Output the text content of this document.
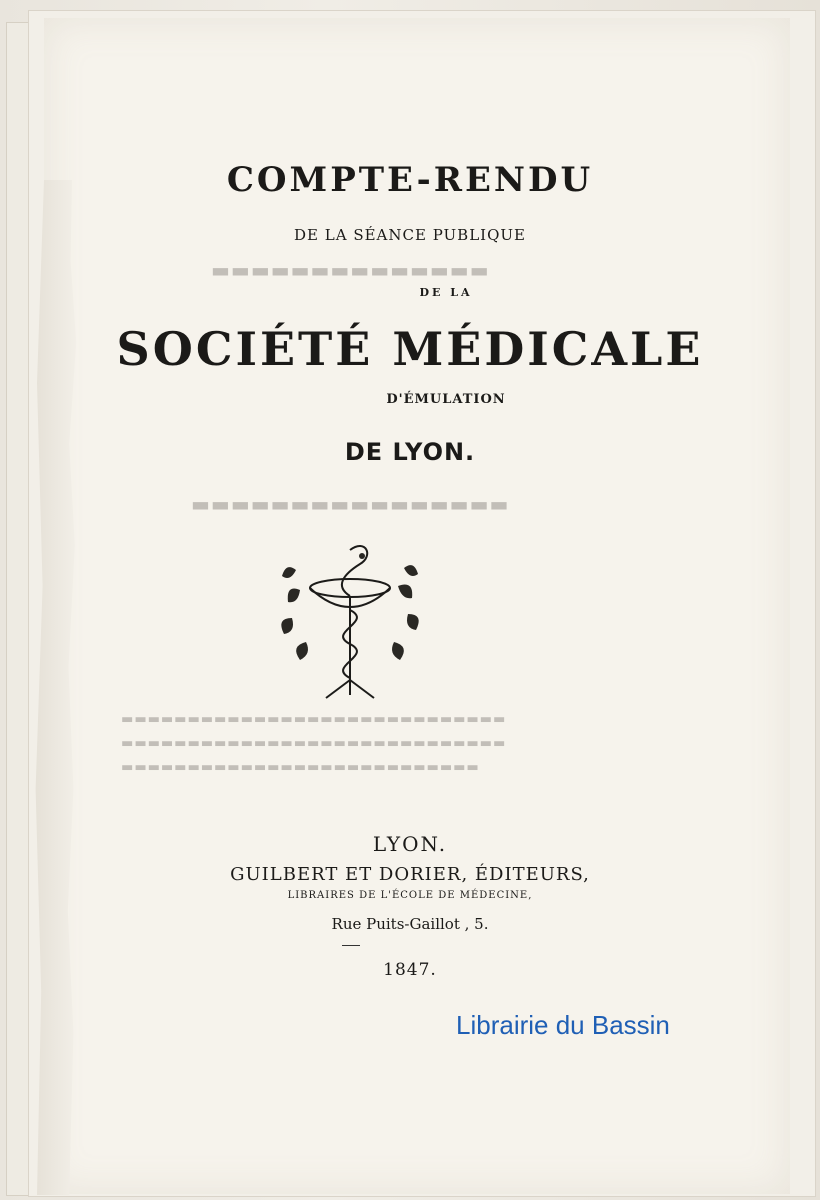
▬▬▬▬▬▬▬▬▬▬▬▬▬▬
▬▬▬▬▬▬▬▬▬▬▬▬▬▬▬▬
▬▬▬▬▬▬▬▬▬▬▬▬▬▬▬▬▬▬▬▬▬▬▬▬▬▬▬▬▬
▬▬▬▬▬▬▬▬▬▬▬▬▬▬▬▬▬▬▬▬▬▬▬▬▬▬▬▬▬
▬▬▬▬▬▬▬▬▬▬▬▬▬▬▬▬▬▬▬▬▬▬▬▬▬▬▬
COMPTE-RENDU
DE LA SÉANCE PUBLIQUE
DE LA
SOCIÉTÉ MÉDICALE
D'ÉMULATION
DE LYON.
LYON.
GUILBERT ET DORIER, ÉDITEURS,
LIBRAIRES DE L'ÉCOLE DE MÉDECINE,
Rue Puits-Gaillot , 5.
1847.
Librairie du Bassin
